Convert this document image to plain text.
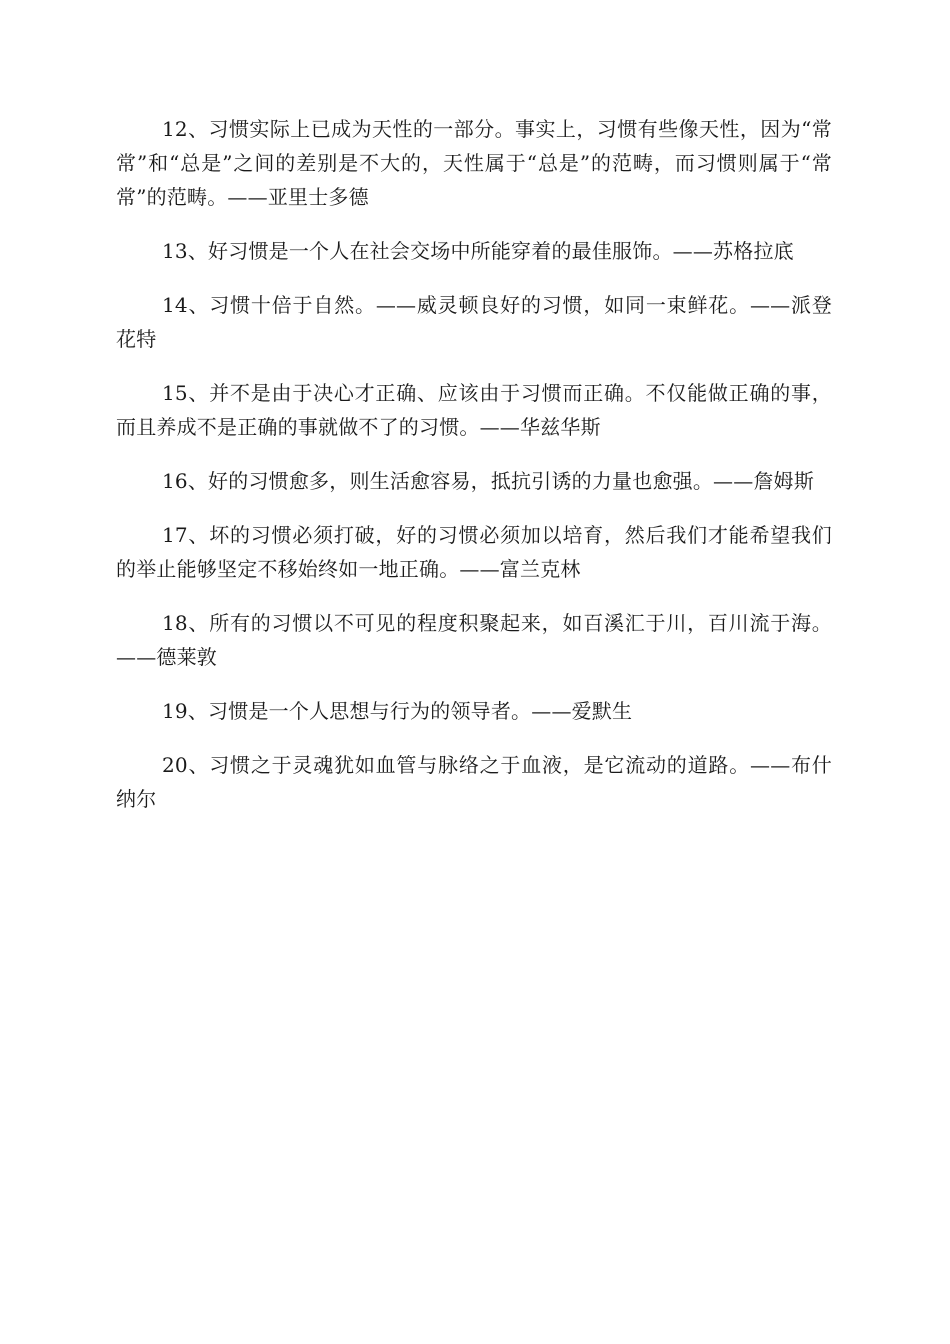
12、习惯实际上已成为天性的一部分。事实上，习惯有些像天性，因为“常常”和“总是”之间的差别是不大的，天性属于“总是”的范畴，而习惯则属于“常常”的范畴。——亚里士多德

13、好习惯是一个人在社会交场中所能穿着的最佳服饰。——苏格拉底

14、习惯十倍于自然。——威灵顿良好的习惯，如同一束鲜花。——派登花特

15、并不是由于决心才正确、应该由于习惯而正确。不仅能做正确的事，而且养成不是正确的事就做不了的习惯。——华兹华斯

16、好的习惯愈多，则生活愈容易，抵抗引诱的力量也愈强。——詹姆斯

17、坏的习惯必须打破，好的习惯必须加以培育，然后我们才能希望我们的举止能够坚定不移始终如一地正确。——富兰克林

18、所有的习惯以不可见的程度积聚起来，如百溪汇于川，百川流于海。——德莱敦

19、习惯是一个人思想与行为的领导者。——爱默生

20、习惯之于灵魂犹如血管与脉络之于血液，是它流动的道路。——布什纳尔
